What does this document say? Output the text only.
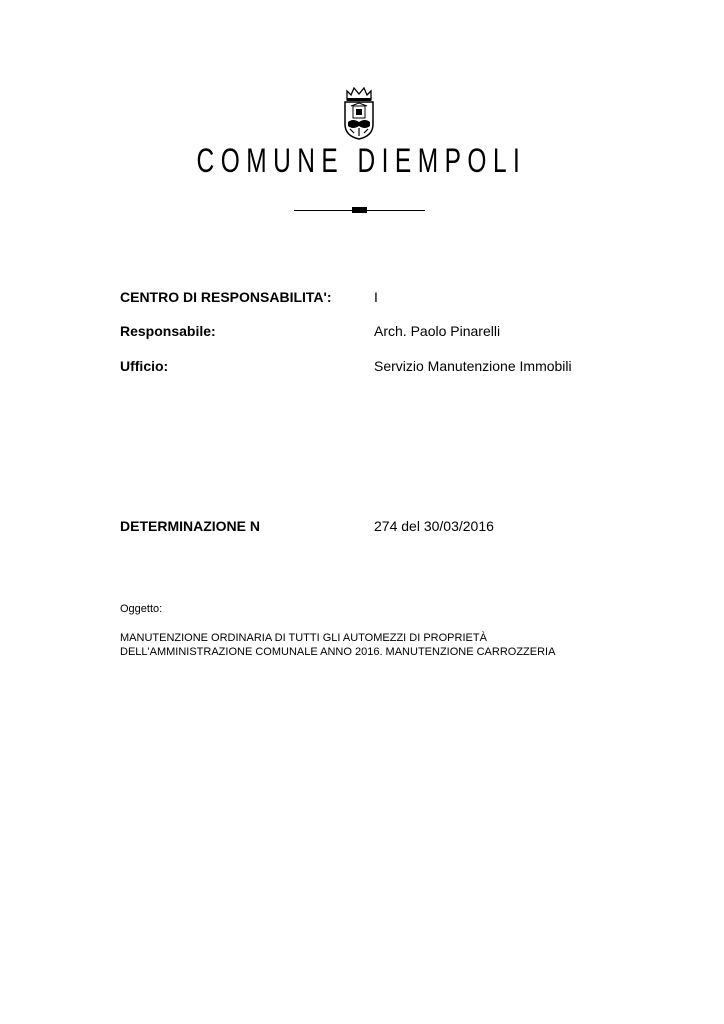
COMUNE DIEMPOLI
CENTRO DI RESPONSABILITA':	I
Responsabile:	Arch. Paolo Pinarelli
Ufficio:	Servizio Manutenzione Immobili
DETERMINAZIONE N	274 del 30/03/2016
Oggetto:
MANUTENZIONE ORDINARIA DI TUTTI GLI AUTOMEZZI DI PROPRIETÀ
DELL'AMMINISTRAZIONE COMUNALE ANNO 2016. MANUTENZIONE CARROZZERIA
